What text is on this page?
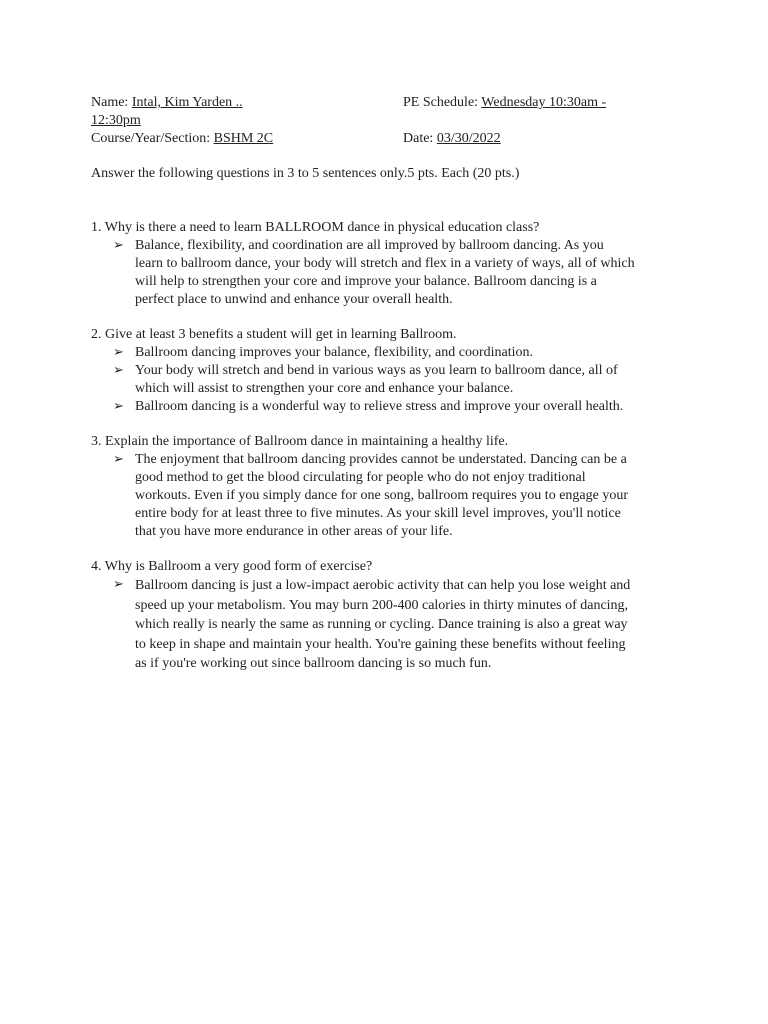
Name: Intal, Kim Yarden ..	PE Schedule: Wednesday 10:30am -
12:30pm
Course/Year/Section: BSHM 2C	Date: 03/30/2022
Answer the following questions in 3 to 5 sentences only.5 pts. Each (20 pts.)
1. Why is there a need to learn BALLROOM dance in physical education class?
➢ Balance, flexibility, and coordination are all improved by ballroom dancing. As you
learn to ballroom dance, your body will stretch and flex in a variety of ways, all of which
will help to strengthen your core and improve your balance. Ballroom dancing is a
perfect place to unwind and enhance your overall health.
2. Give at least 3 benefits a student will get in learning Ballroom.
➢ Ballroom dancing improves your balance, flexibility, and coordination.
➢ Your body will stretch and bend in various ways as you learn to ballroom dance, all of
which will assist to strengthen your core and enhance your balance.
➢ Ballroom dancing is a wonderful way to relieve stress and improve your overall health.
3. Explain the importance of Ballroom dance in maintaining a healthy life.
➢ The enjoyment that ballroom dancing provides cannot be understated. Dancing can be a
good method to get the blood circulating for people who do not enjoy traditional
workouts. Even if you simply dance for one song, ballroom requires you to engage your
entire body for at least three to five minutes. As your skill level improves, you'll notice
that you have more endurance in other areas of your life.
4. Why is Ballroom a very good form of exercise?
➢ Ballroom dancing is just a low-impact aerobic activity that can help you lose weight and
speed up your metabolism. You may burn 200-400 calories in thirty minutes of dancing,
which really is nearly the same as running or cycling. Dance training is also a great way
to keep in shape and maintain your health. You're gaining these benefits without feeling
as if you're working out since ballroom dancing is so much fun.
